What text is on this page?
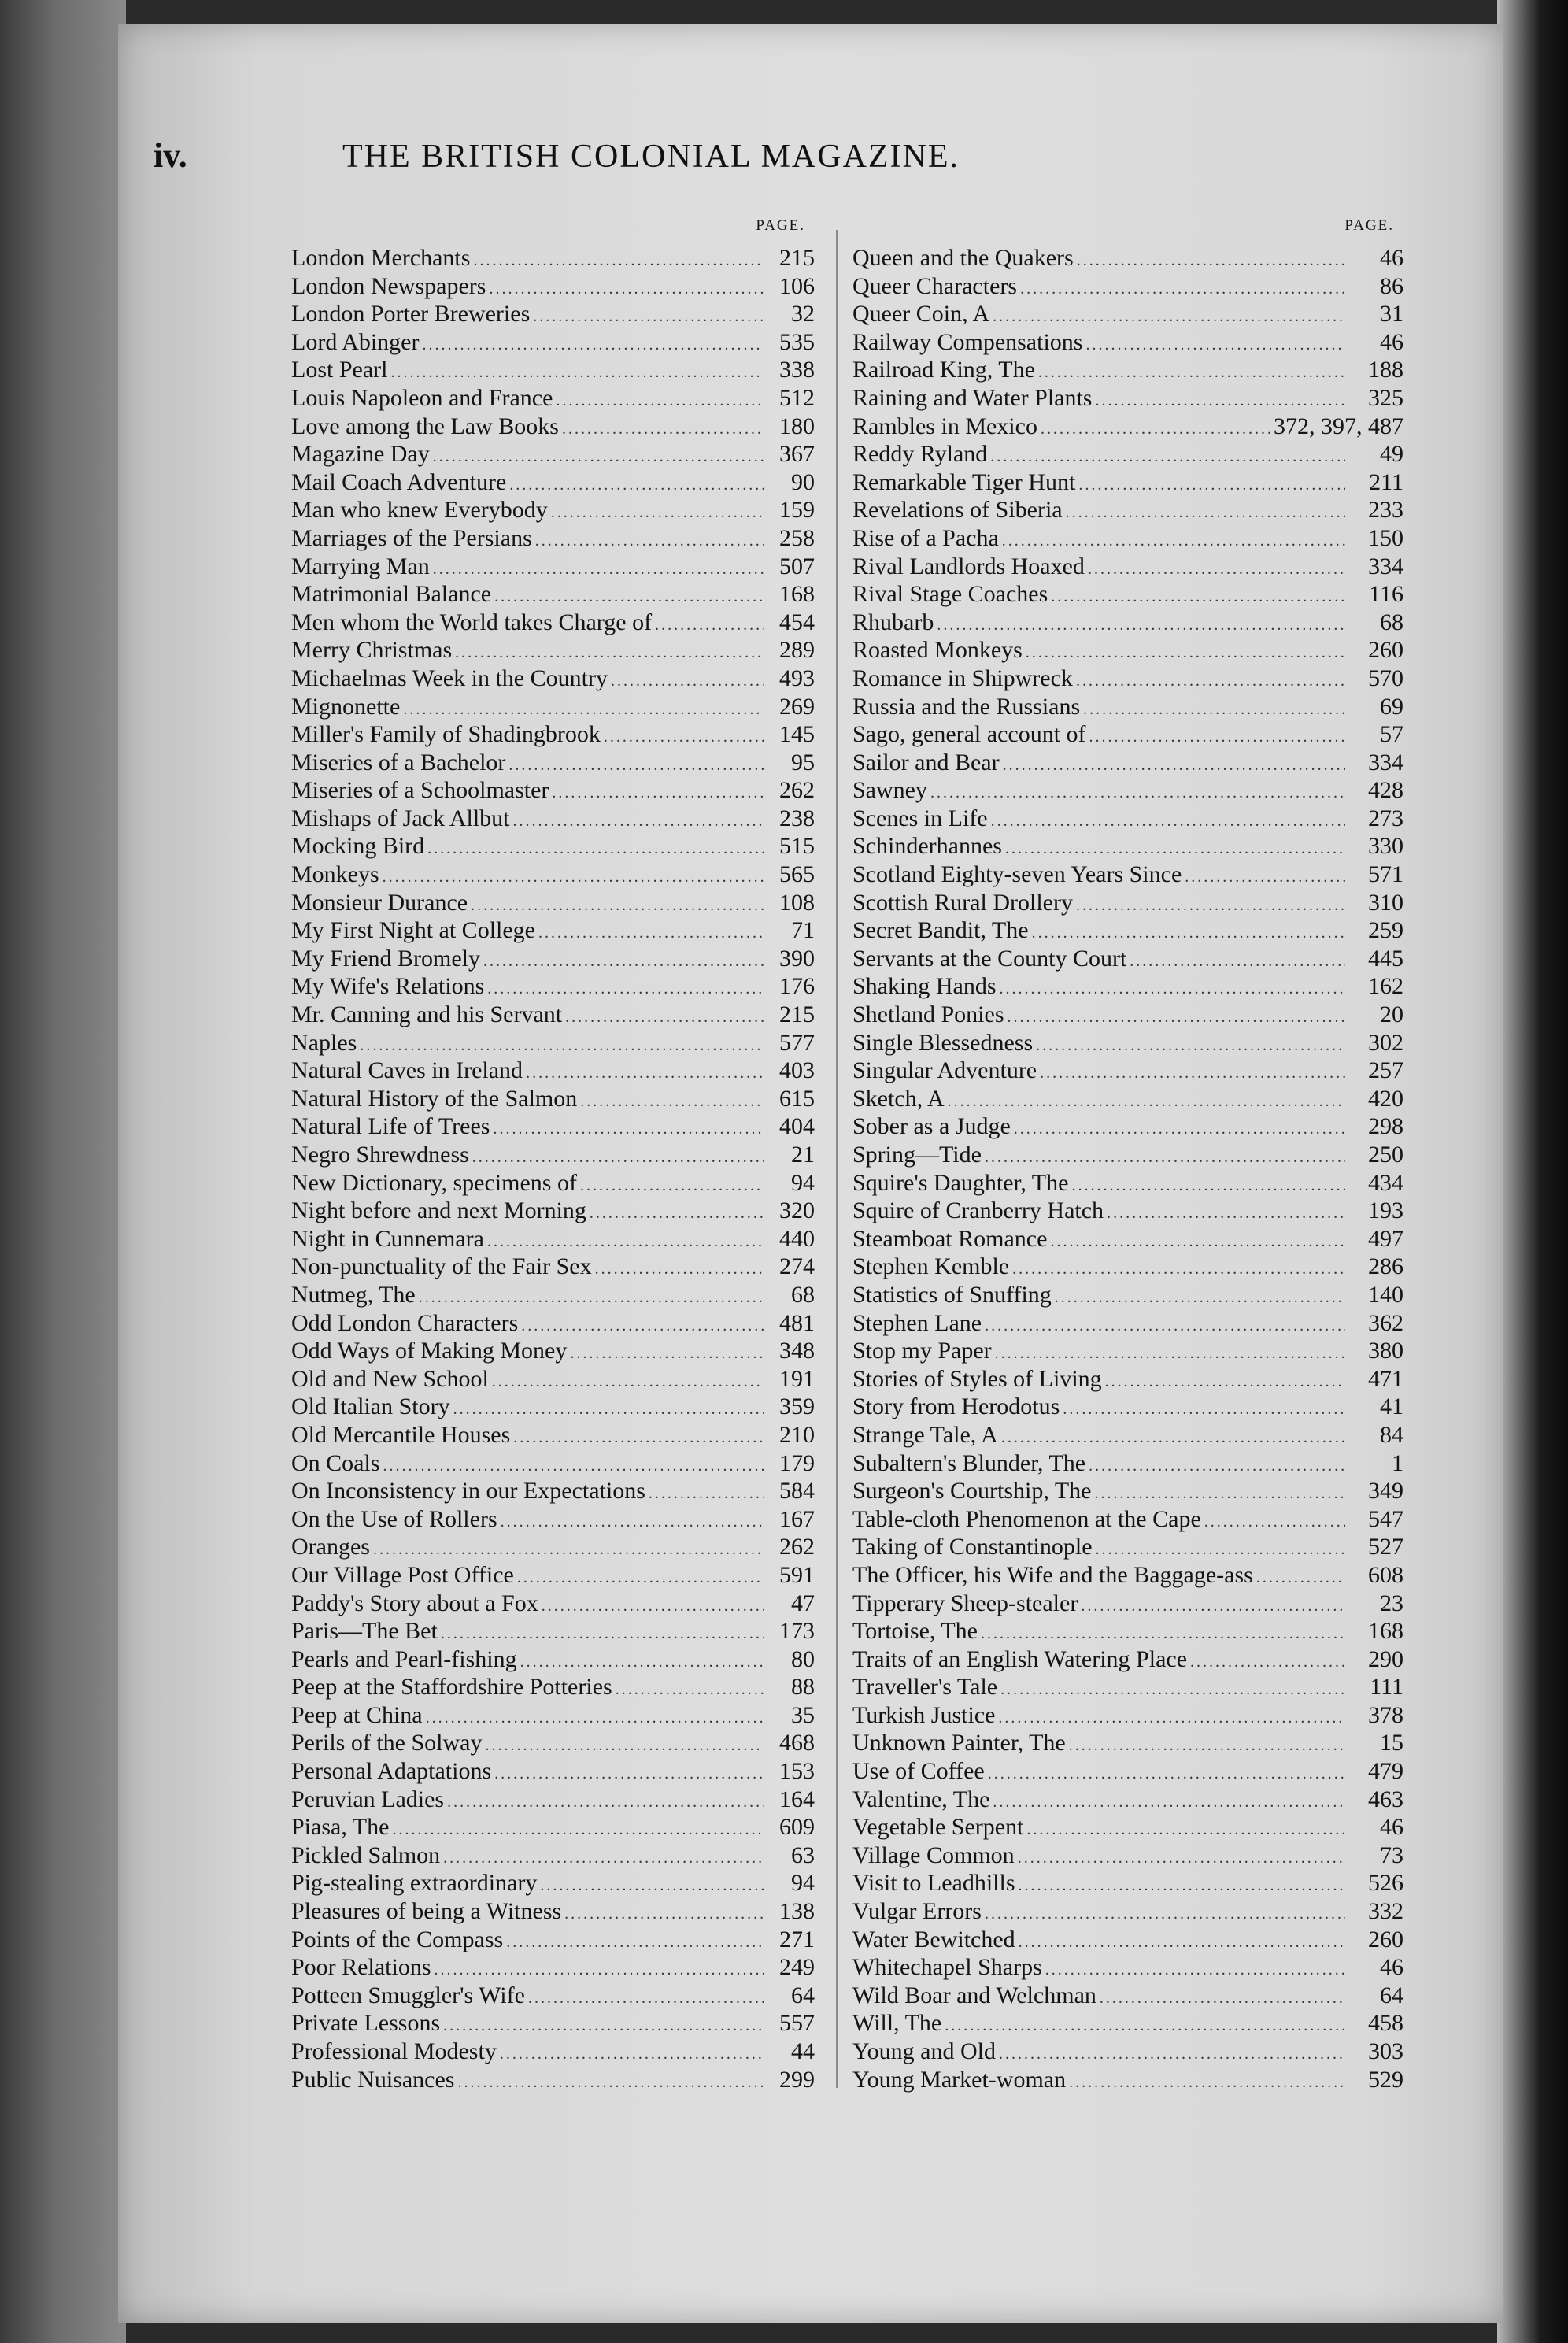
iv.	THE BRITISH COLONIAL MAGAZINE.
PAGE.
London Merchants .....	215
London Newspapers .....	106
London Porter Breweries .....	32
Lord Abinger .....	535
Lost Pearl .....	338
Louis Napoleon and France .....	512
Love among the Law Books .....	180
Magazine Day .....	367
Mail Coach Adventure .....	90
Man who knew Everybody .....	159
Marriages of the Persians .....	258
Marrying Man .....	507
Matrimonial Balance .....	168
Men whom the World takes Charge of .....	454
Merry Christmas .....	289
Michaelmas Week in the Country .....	493
Mignonette .....	269
Miller's Family of Shadingbrook .....	145
Miseries of a Bachelor .....	95
Miseries of a Schoolmaster .....	262
Mishaps of Jack Allbut .....	238
Mocking Bird .....	515
Monkeys .....	565
Monsieur Durance .....	108
My First Night at College .....	71
My Friend Bromely .....	390
My Wife's Relations .....	176
Mr. Canning and his Servant .....	215
Naples .....	577
Natural Caves in Ireland .....	403
Natural History of the Salmon .....	615
Natural Life of Trees .....	404
Negro Shrewdness .....	21
New Dictionary, specimens of .....	94
Night before and next Morning .....	320
Night in Cunnemara .....	440
Non-punctuality of the Fair Sex .....	274
Nutmeg, The .....	68
Odd London Characters .....	481
Odd Ways of Making Money .....	348
Old and New School .....	191
Old Italian Story .....	359
Old Mercantile Houses .....	210
On Coals .....	179
On Inconsistency in our Expectations .....	584
On the Use of Rollers .....	167
Oranges .....	262
Our Village Post Office .....	591
Paddy's Story about a Fox .....	47
Paris—The Bet .....	173
Pearls and Pearl-fishing .....	80
Peep at the Staffordshire Potteries .....	88
Peep at China .....	35
Perils of the Solway .....	468
Personal Adaptations .....	153
Peruvian Ladies .....	164
Piasa, The .....	609
Pickled Salmon .....	63
Pig-stealing extraordinary .....	94
Pleasures of being a Witness .....	138
Points of the Compass .....	271
Poor Relations .....	249
Potteen Smuggler's Wife .....	64
Private Lessons .....	557
Professional Modesty .....	44
Public Nuisances .....	299
PAGE.
Queen and the Quakers .....	46
Queer Characters .....	86
Queer Coin, A .....	31
Railway Compensations .....	46
Railroad King, The .....	188
Raining and Water Plants .....	325
Rambles in Mexico .....	372, 397, 487
Reddy Ryland .....	49
Remarkable Tiger Hunt .....	211
Revelations of Siberia .....	233
Rise of a Pacha .....	150
Rival Landlords Hoaxed .....	334
Rival Stage Coaches .....	116
Rhubarb .....	68
Roasted Monkeys .....	260
Romance in Shipwreck .....	570
Russia and the Russians .....	69
Sago, general account of .....	57
Sailor and Bear .....	334
Sawney .....	428
Scenes in Life .....	273
Schinderhannes .....	330
Scotland Eighty-seven Years Since .....	571
Scottish Rural Drollery .....	310
Secret Bandit, The .....	259
Servants at the County Court .....	445
Shaking Hands .....	162
Shetland Ponies .....	20
Single Blessedness .....	302
Singular Adventure .....	257
Sketch, A .....	420
Sober as a Judge .....	298
Spring—Tide .....	250
Squire's Daughter, The .....	434
Squire of Cranberry Hatch .....	193
Steamboat Romance .....	497
Stephen Kemble .....	286
Statistics of Snuffing .....	140
Stephen Lane .....	362
Stop my Paper .....	380
Stories of Styles of Living .....	471
Story from Herodotus .....	41
Strange Tale, A .....	84
Subaltern's Blunder, The .....	1
Surgeon's Courtship, The .....	349
Table-cloth Phenomenon at the Cape .....	547
Taking of Constantinople .....	527
The Officer, his Wife and the Baggage-ass .....	608
Tipperary Sheep-stealer .....	23
Tortoise, The .....	168
Traits of an English Watering Place .....	290
Traveller's Tale .....	111
Turkish Justice .....	378
Unknown Painter, The .....	15
Use of Coffee .....	479
Valentine, The .....	463
Vegetable Serpent .....	46
Village Common .....	73
Visit to Leadhills .....	526
Vulgar Errors .....	332
Water Bewitched .....	260
Whitechapel Sharps .....	46
Wild Boar and Welchman .....	64
Will, The .....	458
Young and Old .....	303
Young Market-woman .....	529
